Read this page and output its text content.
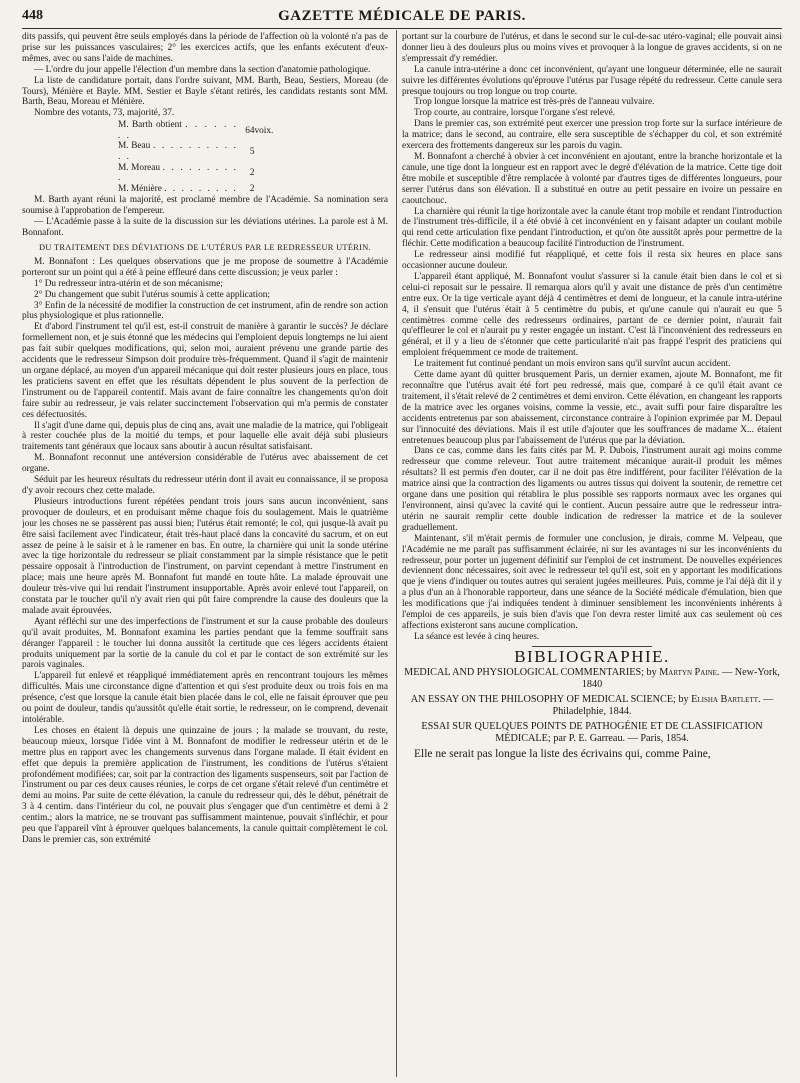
448	GAZETTE MÉDICALE DE PARIS.

dits passifs, qui peuvent être seuls employés dans la période de l'affection où la volonté n'a pas de prise sur les puissances vasculaires; 2° les exercices actifs, que les enfants exécutent d'eux-mêmes, avec ou sans l'aide de machines.

— L'ordre du jour appelle l'élection d'un membre dans la section d'anatomie pathologique.

La liste de candidature portait, dans l'ordre suivant, MM. Barth, Beau, Sestiers, Moreau (de Tours), Ménière et Bayle. MM. Sestier et Bayle s'étant retirés, les candidats restants sont MM. Barth, Beau, Moreau et Ménière.

Nombre des votants, 73, majorité, 37.

M. Barth obtient . . . . . . . .	64	voix.
M. Beau . . . . . . . . . . . .	5	
M. Moreau . . . . . . . . . .	2	
M. Ménière . . . . . . . . .	2	

M. Barth ayant réuni la majorité, est proclamé membre de l'Académie. Sa nomination sera soumise à l'approbation de l'empereur.

— L'Académie passe à la suite de la discussion sur les déviations utérines. La parole est à M. Bonnafont.

DU TRAITEMENT DES DÉVIATIONS DE L'UTÉRUS PAR LE REDRESSEUR UTÉRIN.

M. Bonnafont : Les quelques observations que je me propose de soumettre à l'Académie porteront sur un point qui a été à peine effleuré dans cette discussion; je veux parler :

1° Du redresseur intra-utérin et de son mécanisme;

2° Du changement que subit l'utérus soumis à cette application;

3° Enfin de la nécessité de modifier la construction de cet instrument, afin de rendre son action plus physiologique et plus rationnelle.

Et d'abord l'instrument tel qu'il est, est-il construit de manière à garantir le succès? Je déclare formellement non, et je suis étonné que les médecins qui l'emploient depuis longtemps ne lui aient pas fait subir quelques modifications, qui, selon moi, auraient prévenu une grande partie des accidents que le redresseur Simpson doit produire très-fréquemment. Quand il s'agit de maintenir un organe déplacé, au moyen d'un appareil mécanique qui doit rester plusieurs jours en place, tous les praticiens savent en effet que les résultats dépendent le plus souvent de la perfection de l'instrument ou de l'appareil contentif. Mais avant de faire connaître les changements qu'on doit faire subir au redresseur, je vais relater succinctement l'observation qui m'a permis de constater ces défectuosités.

Il s'agit d'une dame qui, depuis plus de cinq ans, avait une maladie de la matrice, qui l'obligeait à rester couchée plus de la moitié du temps, et pour laquelle elle avait déjà subi plusieurs traitements tant généraux que locaux sans aboutir à aucun résultat satisfaisant.

M. Bonnafont reconnut une antéversion considérable de l'utérus avec abaissement de cet organe.

Séduit par les heureux résultats du redresseur utérin dont il avait eu connaissance, il se proposa d'y avoir recours chez cette malade.

Plusieurs introductions furent répétées pendant trois jours sans aucun inconvénient, sans provoquer de douleurs, et en produisant même chaque fois du soulagement. Mais le quatrième jour les choses ne se passèrent pas aussi bien; l'utérus était remonté; le col, qui jusque-là avait pu être saisi facilement avec l'indicateur, était très-haut placé dans la concavité du sacrum, et on eut assez de peine à le saisir et à le ramener en bas. En outre, la charnière qui unit la sonde utérine avec la tige horizontale du redresseur se pliait constamment par la simple résistance que le petit pessaire opposait à l'introduction de l'instrument, on parvint cependant à mettre l'instrument en place; mais une heure après M. Bonnafont fut mandé en toute hâte. La malade éprouvait une douleur très-vive qui lui rendait l'instrument insupportable. Après avoir enlevé tout l'appareil, on constata par le toucher qu'il n'y avait rien qui pût faire comprendre la cause des douleurs que la malade avait éprouvées.

Ayant réfléchi sur une des imperfections de l'instrument et sur la cause probable des douleurs qu'il avait produites, M. Bonnafont examina les parties pendant que la femme souffrait sans déranger l'appareil : le toucher lui donna aussitôt la certitude que ces légers accidents étaient produits uniquement par la sortie de la canule du col et par le contact de son extrémité sur les parois vaginales.

L'appareil fut enlevé et réappliqué immédiatement après en rencontrant toujours les mêmes difficultés. Mais une circonstance digne d'attention et qui s'est produite deux ou trois fois en ma présence, c'est que lorsque la canule était bien placée dans le col, elle ne faisait éprouver que peu ou point de douleur, tandis qu'aussitôt qu'elle était sortie, le redresseur, on le comprend, devenait intolérable.

Les choses en étaient là depuis une quinzaine de jours ; la malade se trouvant, du reste, beaucoup mieux, lorsque l'idée vint à M. Bonnafont de modifier le redresseur utérin et de le mettre plus en rapport avec les changements survenus dans l'organe malade. Il était évident en effet que depuis la première application de l'instrument, les conditions de l'utérus s'étaient profondément modifiées; car, soit par la contraction des ligaments suspenseurs, soit par l'action de l'instrument ou par ces deux causes réunies, le corps de cet organe s'était relevé d'un centimètre et demi au moins. Par suite de cette élévation, la canule du redresseur qui, dès le début, pénétrait de 3 à 4 centim. dans l'intérieur du col, ne pouvait plus s'engager que d'un centimètre et demi à 2 centim.; alors la matrice, ne se trouvant pas suffisamment maintenue, pouvait s'infléchir, et pour peu que l'appareil vînt à éprouver quelques balancements, la canule quittait complètement le col. Dans le premier cas, son extrémité

portant sur la courbure de l'utérus, et dans le second sur le cul-de-sac utéro-vaginal; elle pouvait ainsi donner lieu à des douleurs plus ou moins vives et provoquer à la longue de graves accidents, si on ne s'empressait d'y remédier.

La canule intra-utérine a donc cet inconvénient, qu'ayant une longueur déterminée, elle ne saurait suivre les différentes évolutions qu'éprouve l'utérus par l'usage répété du redresseur. Cette canule sera presque toujours ou trop longue ou trop courte.

Trop longue lorsque la matrice est très-près de l'anneau vulvaire.

Trop courte, au contraire, lorsque l'organe s'est relevé.

Dans le premier cas, son extrémité peut exercer une pression trop forte sur la surface intérieure de la matrice; dans le second, au contraire, elle sera susceptible de s'échapper du col, et son extrémité exercera des frottements dangereux sur les parois du vagin.

M. Bonnafont a cherché à obvier à cet inconvénient en ajoutant, entre la branche horizontale et la canule, une tige dont la longueur est en rapport avec le degré d'élévation de la matrice. Cette tige doit être mobile et susceptible d'être remplacée à volonté par d'autres tiges de différentes longueurs, pour serrer l'utérus dans son élévation. Il a substitué en outre au petit pessaire en ivoire un pessaire en caoutchouc.

La charnière qui réunit la tige horizontale avec la canule étant trop mobile et rendant l'introduction de l'instrument très-difficile, il a été obvié à cet inconvénient en y faisant adapter un coulant mobile qui rend cette articulation fixe pendant l'introduction, et qu'on ôte aussitôt après pour permettre de la fléchir. Cette modification a beaucoup facilité l'introduction de l'instrument.

Le redresseur ainsi modifié fut réappliqué, et cette fois il resta six heures en place sans occasionner aucune douleur.

L'appareil étant appliqué, M. Bonnafont voulut s'assurer si la canule était bien dans le col et si celui-ci reposait sur le pessaire. Il remarqua alors qu'il y avait une distance de près d'un centimètre entre eux. Or la tige verticale ayant déjà 4 centimètres et demi de longueur, et la canule intra-utérine 4, il s'ensuit que l'utérus était à 5 centimètre du pubis, et qu'une canule qui n'aurait eu que 5 centimètres comme celle des redresseurs ordinaires, partant de ce dernier point, n'aurait fait qu'effleurer le col et n'aurait pu y rester engagée un instant. C'est là l'inconvénient des redresseurs en général, et il y a lieu de s'étonner que cette particularité n'ait pas frappé l'esprit des praticiens qui emploient fréquemment ce mode de traitement.

Le traitement fut continué pendant un mois environ sans qu'il survînt aucun accident.

Cette dame ayant dû quitter brusquement Paris, un dernier examen, ajoute M. Bonnafont, me fit reconnaître que l'utérus avait été fort peu redressé, mais que, comparé à ce qu'il était avant ce traitement, il s'était relevé de 2 centimètres et demi environ. Cette élévation, en changeant les rapports de la matrice avec les organes voisins, comme la vessie, etc., avait suffi pour faire disparaître les accidents entretenus par son abaissement, circonstance contraire à l'opinion exprimée par M. Depaul sur l'innocuité des déviations. Mais il est utile d'ajouter que les souffrances de madame X... étaient entretenues beaucoup plus par l'abaissement de l'utérus que par la déviation.

Dans ce cas, comme dans les faits cités par M. P. Dubois, l'instrument aurait agi moins comme redresseur que comme releveur. Tout autre traitement mécanique aurait-il produit les mêmes résultats? Il est permis d'en douter, car il ne doit pas être indifférent, pour faciliter l'élévation de la matrice ainsi que la contraction des ligaments ou autres tissus qui doivent la soutenir, de remettre cet organe dans une position qui rétablira le plus possible ses rapports normaux avec les organes qui l'environnent, ainsi qu'avec la cavité qui le contient. Aucun pessaire autre que le redresseur intra-utérin ne saurait remplir cette double indication de redresser la matrice et de la soulever graduellement.

Maintenant, s'il m'était permis de formuler une conclusion, je dirais, comme M. Velpeau, que l'Académie ne me paraît pas suffisamment éclairée, ni sur les avantages ni sur les inconvénients du redresseur, pour porter un jugement définitif sur l'emploi de cet instrument. De nouvelles expériences deviennent donc nécessaires, soit avec le redresseur tel qu'il est, soit en y apportant les modifications que je viens d'indiquer ou toutes autres qui seraient jugées meilleures. Puis, comme je l'ai déjà dit il y a plus d'un an à l'honorable rapporteur, dans une séance de la Société médicale d'émulation, bien que les modifications que j'ai indiquées tendent à diminuer sensiblement les inconvénients inhérents à l'emploi de ces appareils, je suis bien d'avis que l'on devra rester limité aux cas seulement où ces affections existeront sans aucune complication.

La séance est levée à cinq heures.

BIBLIOGRAPHIE.
MEDICAL AND PHYSIOLOGICAL COMMENTARIES; by Martyn Paine. — New-York, 1840
AN ESSAY ON THE PHILOSOPHY OF MEDICAL SCIENCE; by Elisha Bartlett. — Philadelphie, 1844.
ESSAI SUR QUELQUES POINTS DE PATHOGÉNIE ET DE CLASSIFICATION MÉDICALE; par P. E. Garreau. — Paris, 1854.

Elle ne serait pas longue la liste des écrivains qui, comme Paine,
